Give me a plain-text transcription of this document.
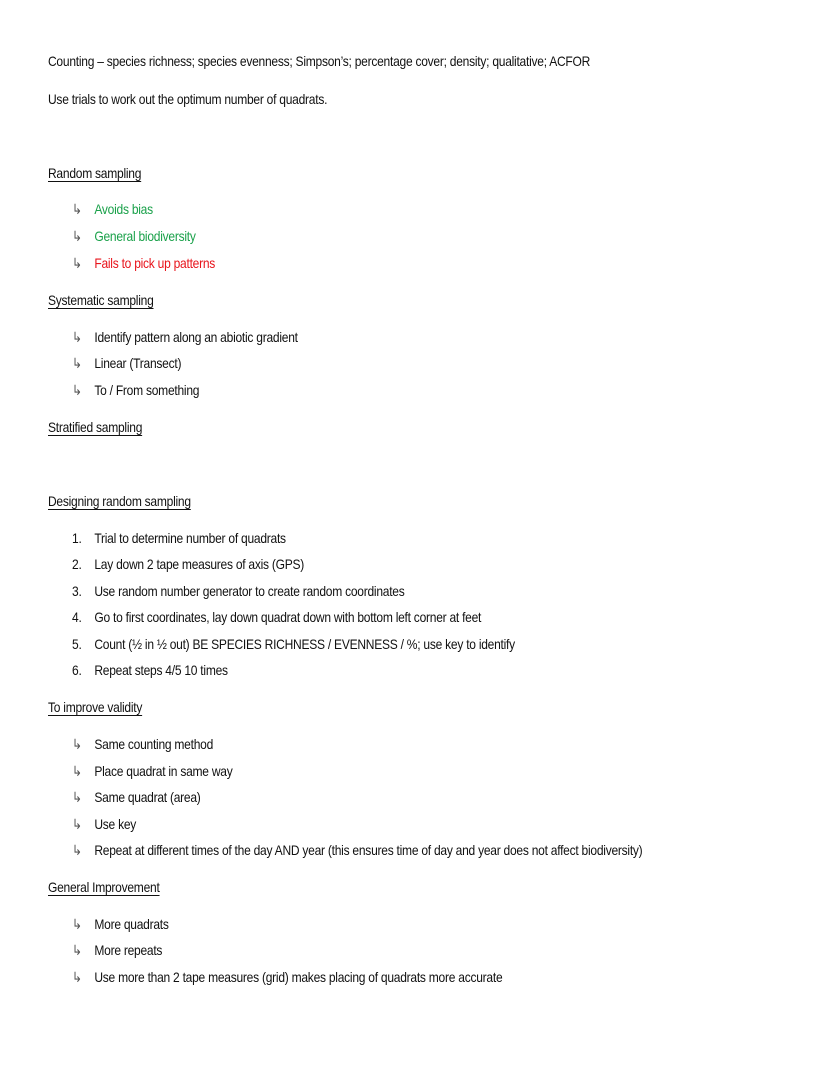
Counting – species richness; species evenness; Simpson’s; percentage cover; density; qualitative; ACFOR
Use trials to work out the optimum number of quadrats.
Random sampling
↳ Avoids bias
↳ General biodiversity
↳ Fails to pick up patterns
Systematic sampling
↳ Identify pattern along an abiotic gradient
↳ Linear (Transect)
↳ To / From something
Stratified sampling
Designing random sampling
1. Trial to determine number of quadrats
2. Lay down 2 tape measures of axis (GPS)
3. Use random number generator to create random coordinates
4. Go to first coordinates, lay down quadrat down with bottom left corner at feet
5. Count (½ in ½ out) BE SPECIES RICHNESS / EVENNESS / %; use key to identify
6. Repeat steps 4/5 10 times
To improve validity
↳ Same counting method
↳ Place quadrat in same way
↳ Same quadrat (area)
↳ Use key
↳ Repeat at different times of the day AND year (this ensures time of day and year does not affect biodiversity)
General Improvement
↳ More quadrats
↳ More repeats
↳ Use more than 2 tape measures (grid) makes placing of quadrats more accurate
